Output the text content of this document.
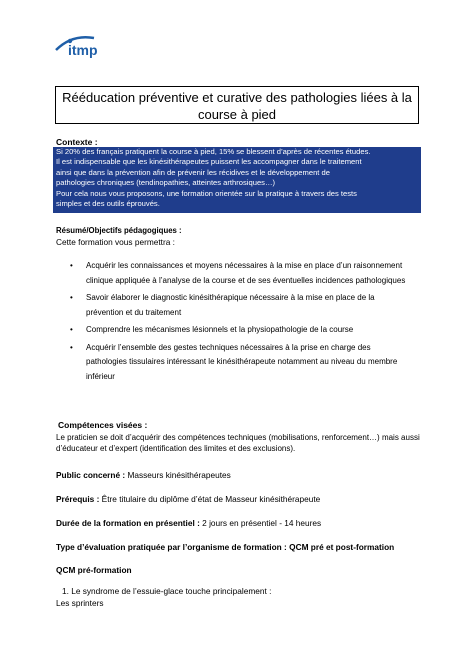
itmp
Rééducation préventive et curative des pathologies liées à la
course à pied
Contexte :
Si 20% des français pratiquent la course à pied, 15% se blessent d’après de récentes études.
Il est indispensable que les kinésithérapeutes puissent les accompagner dans le traitement
ainsi que dans la prévention afin de prévenir les récidives et le développement de
pathologies chroniques (tendinopathies, atteintes arthrosiques…)
Pour cela nous vous proposons, une formation orientée sur la pratique à travers des tests
simples et des outils éprouvés.
Résumé/Objectifs pédagogiques :
Cette formation vous permettra :
• Acquérir les connaissances et moyens nécessaires à la mise en place d’un raisonnement clinique appliquée à l’analyse de la course et de ses éventuelles incidences pathologiques
• Savoir élaborer le diagnostic kinésithérapique nécessaire à la mise en place de la prévention et du traitement
• Comprendre les mécanismes lésionnels et la physiopathologie de la course
• Acquérir l’ensemble des gestes techniques nécessaires à la prise en charge des pathologies tissulaires intéressant le kinésithérapeute notamment au niveau du membre inférieur
Compétences visées :
Le praticien se doit d’acquérir des compétences techniques (mobilisations, renforcement…) mais aussi d’éducateur et d’expert (identification des limites et des exclusions).
Public concerné : Masseurs kinésithérapeutes
Prérequis : Être titulaire du diplôme d’état de Masseur kinésithérapeute
Durée de la formation en présentiel : 2 jours en présentiel - 14 heures
Type d’évaluation pratiquée par l’organisme de formation : QCM pré et post-formation
QCM pré-formation
1. Le syndrome de l’essuie-glace touche principalement :
Les sprinters
